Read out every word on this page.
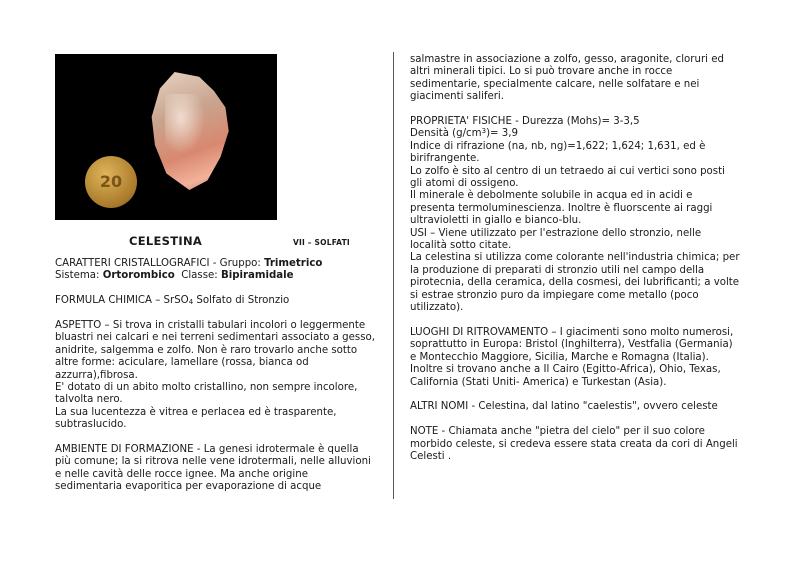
20
CELESTINA	VII – SOLFATI

CARATTERI CRISTALLOGRAFICI - Gruppo: Trimetrico
Sistema: Ortorombico  Classe: Bipiramidale

FORMULA CHIMICA – SrSO$_4$ Solfato di Stronzio

ASPETTO – Si trova in cristalli tabulari incolori o leggermente bluastri nei calcari e nei terreni sedimentari associato a gesso, anidrite, salgemma e zolfo. Non è raro trovarlo anche sotto altre forme: aciculare, lamellare (rossa, bianca od azzurra),fibrosa.
E' dotato di un abito molto cristallino, non sempre incolore, talvolta nero.
La sua lucentezza è vitrea e perlacea ed è trasparente, subtraslucido.

AMBIENTE DI FORMAZIONE - La genesi idrotermale è quella più comune; la si ritrova nelle vene idrotermali, nelle alluvioni e nelle cavità delle rocce ignee. Ma anche origine sedimentaria evaporitica per evaporazione di acque

salmastre in associazione a zolfo, gesso, aragonite, cloruri ed altri minerali tipici. Lo si può trovare anche in rocce sedimentarie, specialmente calcare, nelle solfatare e nei giacimenti saliferi.

PROPRIETA' FISICHE - Durezza (Mohs)= 3-3,5
Densità $(g/cm^3)= 3,9$
Indice di rifrazione (na, nb, ng)=1,622; 1,624; 1,631, ed è birifrangente.
Lo zolfo è sito al centro di un tetraedo ai cui vertici sono posti gli atomi di ossigeno.
Il minerale è debolmente solubile in acqua ed in acidi e presenta termoluminescienza. Inoltre è fluorscente ai raggi ultravioletti in giallo e bianco-blu.
USI – Viene utilizzato per l'estrazione dello stronzio, nelle località sotto citate.
La celestina si utilizza come colorante nell'industria chimica; per la produzione di preparati di stronzio utili nel campo della pirotecnia, della ceramica, della cosmesi, dei lubrificanti; a volte si estrae stronzio puro da impiegare come metallo (poco utilizzato).

LUOGHI DI RITROVAMENTO – I giacimenti sono molto numerosi, soprattutto in Europa: Bristol (Inghilterra), Vestfalia (Germania) e Montecchio Maggiore, Sicilia, Marche e Romagna (Italia). Inoltre si trovano anche a Il Cairo (Egitto-Africa), Ohio, Texas, California (Stati Uniti- America) e Turkestan (Asia).

ALTRI NOMI - Celestina, dal latino "caelestis", ovvero celeste

NOTE - Chiamata anche "pietra del cielo" per il suo colore morbido celeste, si credeva essere stata creata da cori di Angeli Celesti .
